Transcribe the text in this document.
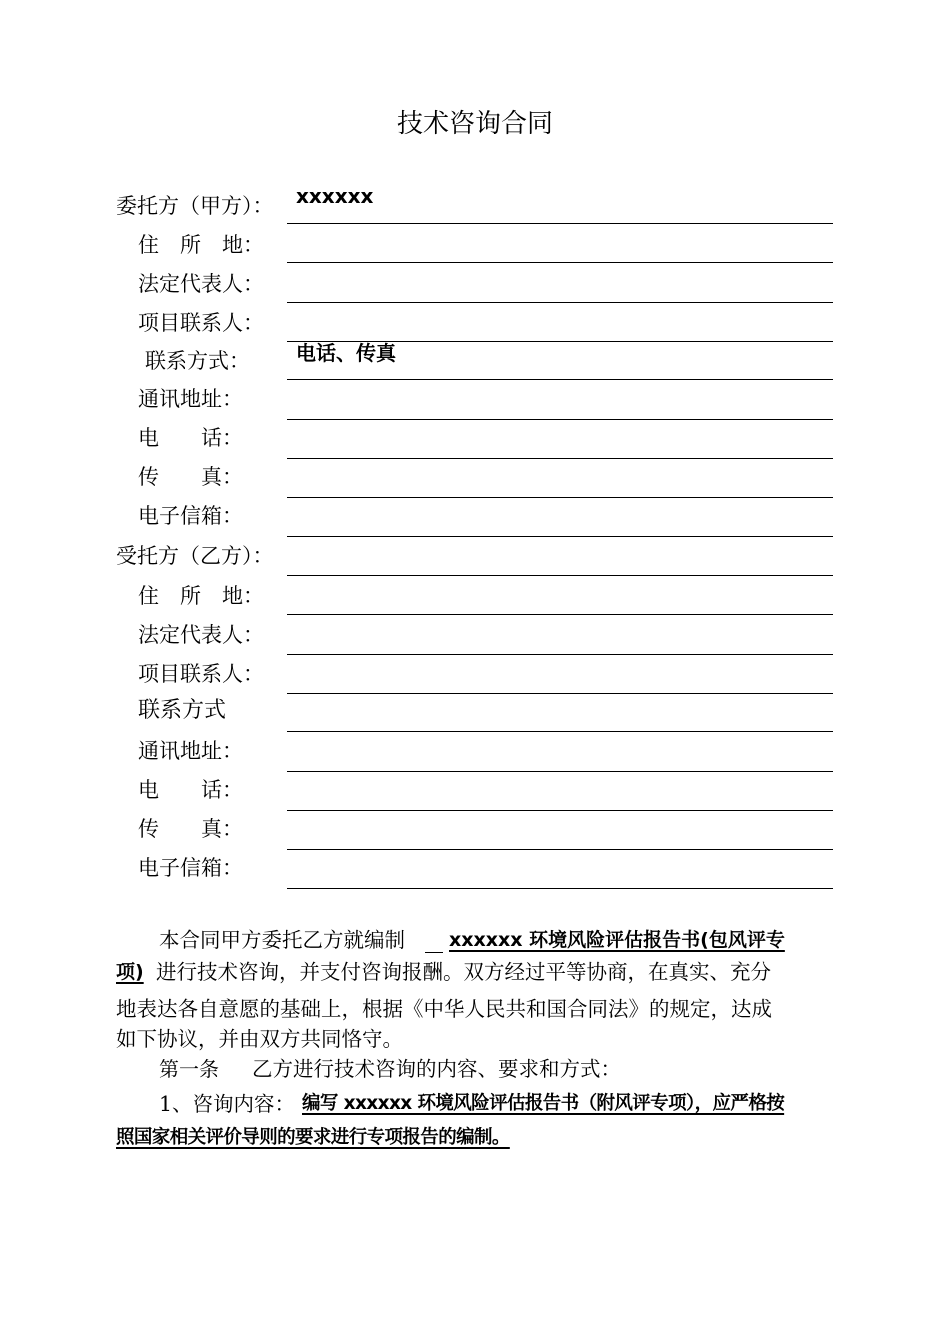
技术咨询合同
委托方（甲方）： xxxxxx
住　所　地：
法定代表人：
项目联系人：
联系方式： 电话、传真
通讯地址：
电　　话：
传　　真：
电子信箱：
受托方（乙方）：
住　所　地：
法定代表人：
项目联系人：
联系方式
通讯地址：
电　　话：
传　　真：
电子信箱：
本合同甲方委托乙方就编制 xxxxxx 环境风险评估报告书(包风评专
项) 进行技术咨询，并支付咨询报酬。双方经过平等协商，在真实、充分
地表达各自意愿的基础上，根据《中华人民共和国合同法》的规定，达成
如下协议，并由双方共同恪守。
第一条 乙方进行技术咨询的内容、要求和方式：
1、咨询内容： 编写 xxxxxx 环境风险评估报告书（附风评专项），应严格按
照国家相关评价导则的要求进行专项报告的编制。
